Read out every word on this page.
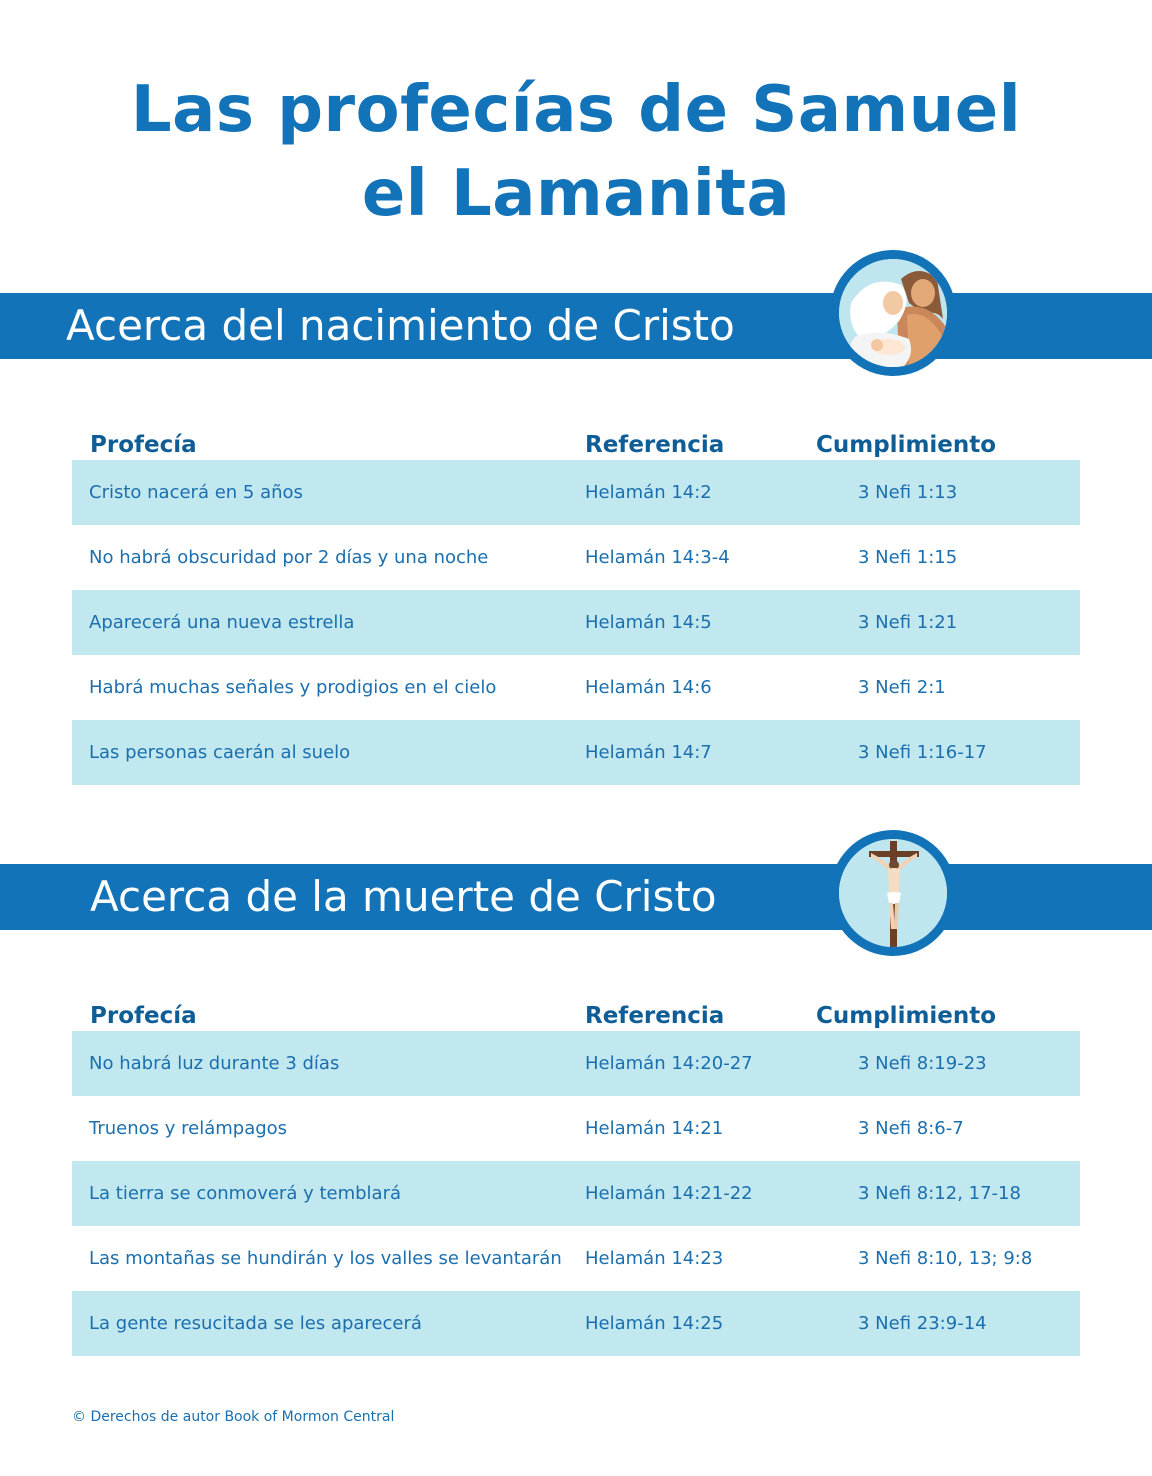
Las profecías de Samuel
el Lamanita
Acerca del nacimiento de Cristo
Profecía	Referencia	Cumplimiento
Cristo nacerá en 5 años	Helamán 14:2	3 Nefi 1:13
No habrá obscuridad por 2 días y una noche	Helamán 14:3-4	3 Nefi 1:15
Aparecerá una nueva estrella	Helamán 14:5	3 Nefi 1:21
Habrá muchas señales y prodigios en el cielo	Helamán 14:6	3 Nefi 2:1
Las personas caerán al suelo	Helamán 14:7	3 Nefi 1:16-17
Acerca de la muerte de Cristo
Profecía	Referencia	Cumplimiento
No habrá luz durante 3 días	Helamán 14:20-27	3 Nefi 8:19-23
Truenos y relámpagos	Helamán 14:21	3 Nefi 8:6-7
La tierra se conmoverá y temblará	Helamán 14:21-22	3 Nefi 8:12, 17-18
Las montañas se hundirán y los valles se levantarán Helamán 14:23	3 Nefi 8:10, 13; 9:8
La gente resucitada se les aparecerá	Helamán 14:25	3 Nefi 23:9-14
© Derechos de autor Book of Mormon Central
